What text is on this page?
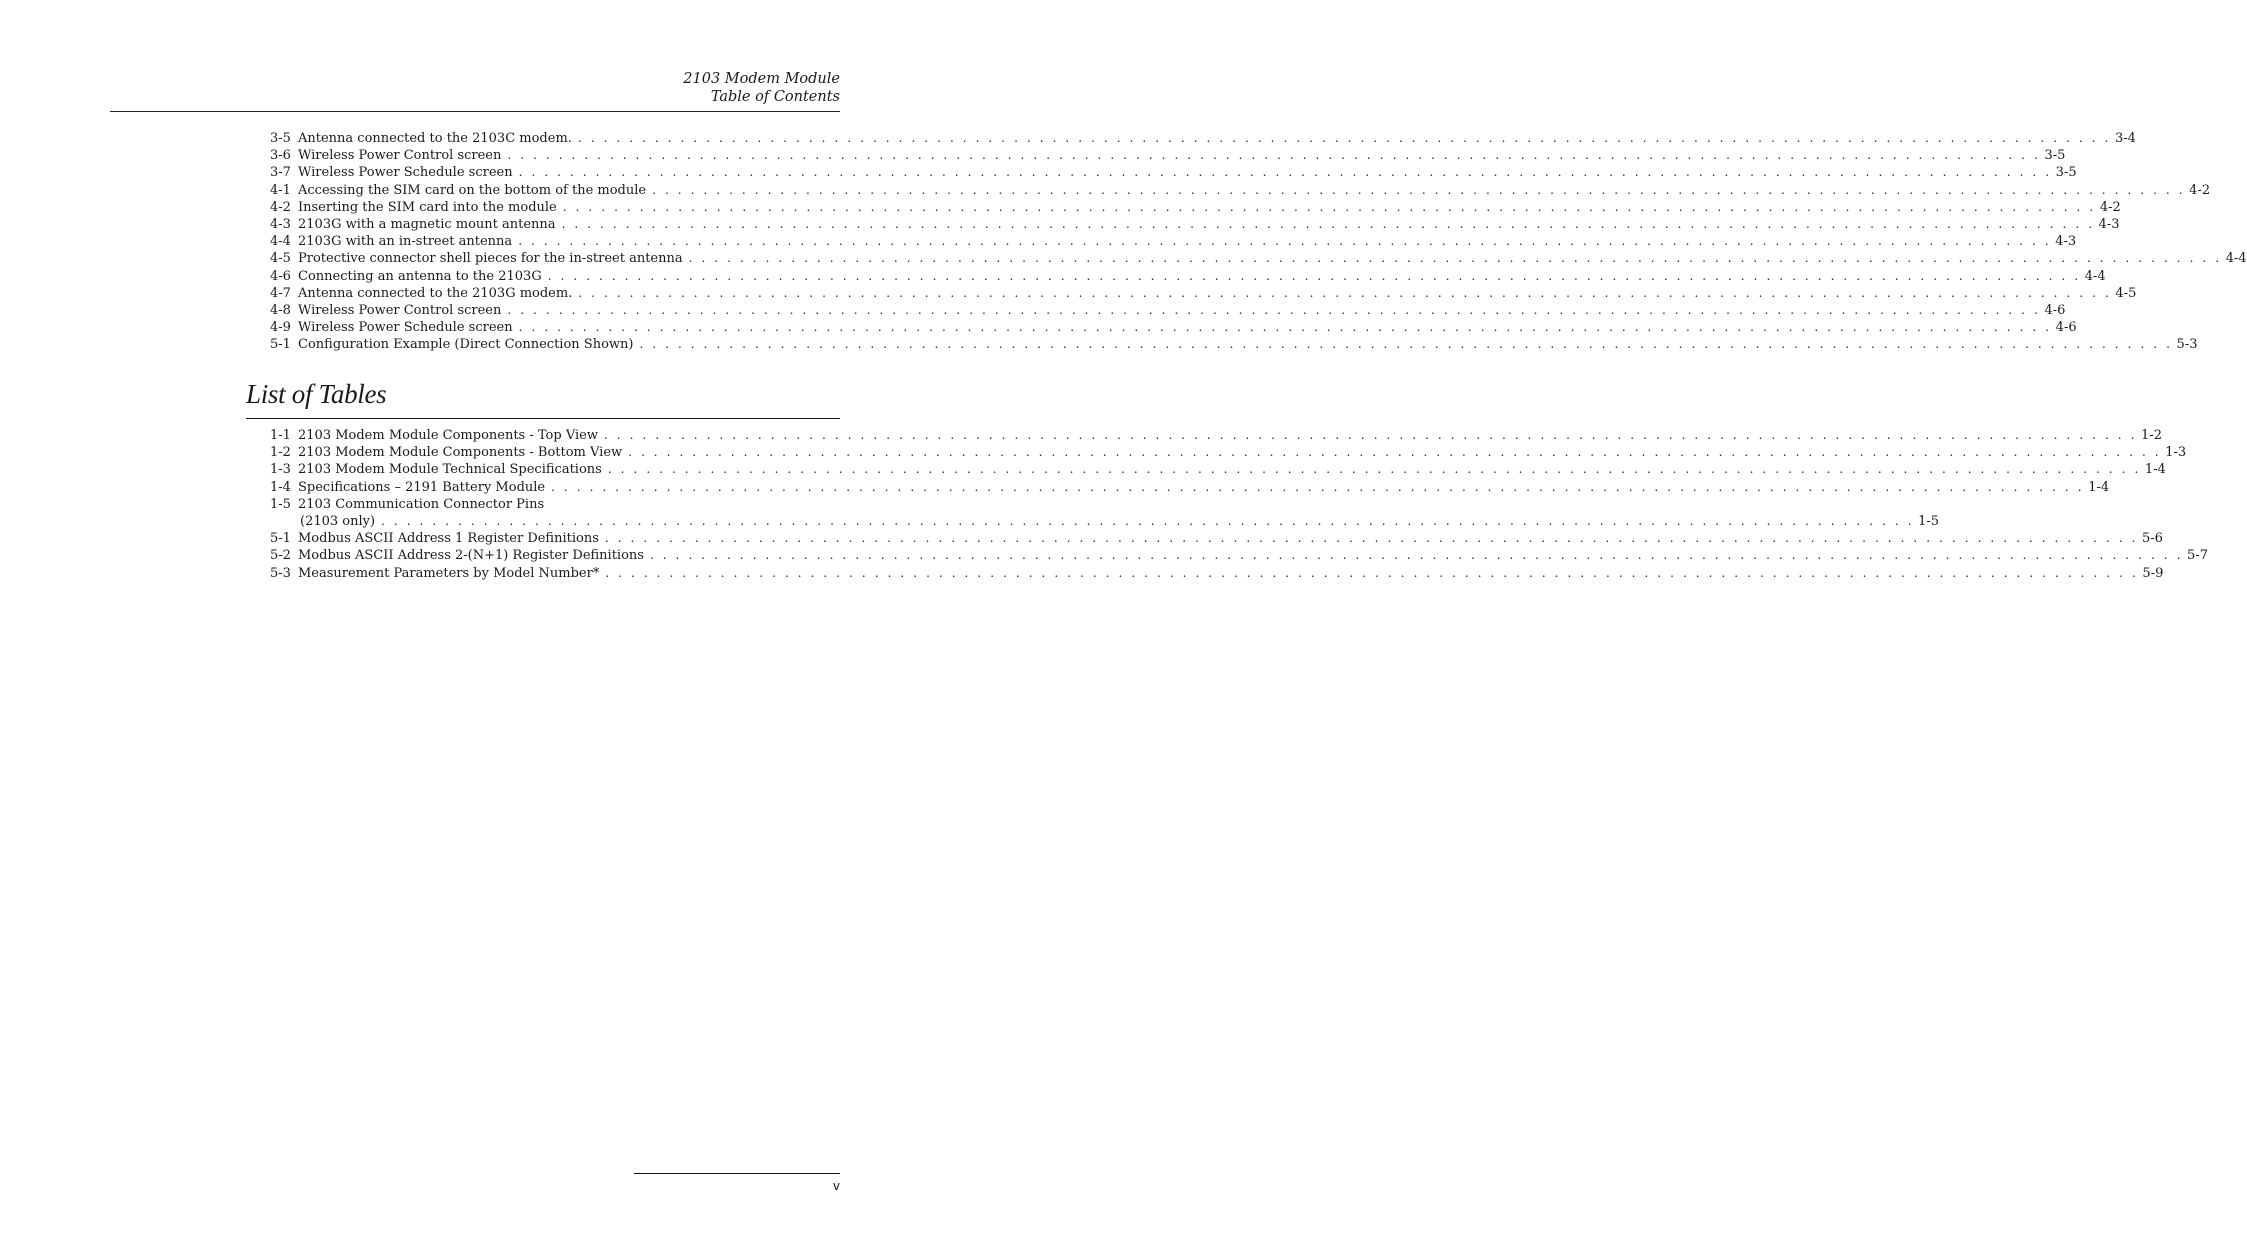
2103 Modem Module
Table of Contents
3-5 Antenna connected to the 2103C modem. . . . . . . . . . . . . . . . . . . . . . . . . . . . . . . . . . . . . . . . . . . . . . . . . . . . . . . . . . . . . . . . . . . . . . . . . . . . . . . . . . . . . . . . . . . . . . . . . . . . . . . . . . . . . . . . . . . . . . . . . 3-4
3-6 Wireless Power Control screen . . . . . . . . . . . . . . . . . . . . . . . . . . . . . . . . . . . . . . . . . . . . . . . . . . . . . . . . . . . . . . . . . . . . . . . . . . . . . . . . . . . . . . . . . . . . . . . . . . . . . . . . . . . . . . . . . . . . . . . . 3-5
3-7 Wireless Power Schedule screen . . . . . . . . . . . . . . . . . . . . . . . . . . . . . . . . . . . . . . . . . . . . . . . . . . . . . . . . . . . . . . . . . . . . . . . . . . . . . . . . . . . . . . . . . . . . . . . . . . . . . . . . . . . . . . . . . . . . . . . . 3-5
4-1 Accessing the SIM card on the bottom of the module . . . . . . . . . . . . . . . . . . . . . . . . . . . . . . . . . . . . . . . . . . . . . . . . . . . . . . . . . . . . . . . . . . . . . . . . . . . . . . . . . . . . . . . . . . . . . . . . . . . . . . . . . . . . . . . . . . . . . . . . 4-2
4-2 Inserting the SIM card into the module . . . . . . . . . . . . . . . . . . . . . . . . . . . . . . . . . . . . . . . . . . . . . . . . . . . . . . . . . . . . . . . . . . . . . . . . . . . . . . . . . . . . . . . . . . . . . . . . . . . . . . . . . . . . . . . . . . . . . . . . 4-2
4-3 2103G with a magnetic mount antenna . . . . . . . . . . . . . . . . . . . . . . . . . . . . . . . . . . . . . . . . . . . . . . . . . . . . . . . . . . . . . . . . . . . . . . . . . . . . . . . . . . . . . . . . . . . . . . . . . . . . . . . . . . . . . . . . . . . . . . . . 4-3
4-4 2103G with an in-street antenna . . . . . . . . . . . . . . . . . . . . . . . . . . . . . . . . . . . . . . . . . . . . . . . . . . . . . . . . . . . . . . . . . . . . . . . . . . . . . . . . . . . . . . . . . . . . . . . . . . . . . . . . . . . . . . . . . . . . . . . . 4-3
4-5 Protective connector shell pieces for the in-street antenna . . . . . . . . . . . . . . . . . . . . . . . . . . . . . . . . . . . . . . . . . . . . . . . . . . . . . . . . . . . . . . . . . . . . . . . . . . . . . . . . . . . . . . . . . . . . . . . . . . . . . . . . . . . . . . . . . . . . . . . . 4-4
4-6 Connecting an antenna to the 2103G . . . . . . . . . . . . . . . . . . . . . . . . . . . . . . . . . . . . . . . . . . . . . . . . . . . . . . . . . . . . . . . . . . . . . . . . . . . . . . . . . . . . . . . . . . . . . . . . . . . . . . . . . . . . . . . . . . . . . . . . 4-4
4-7 Antenna connected to the 2103G modem. . . . . . . . . . . . . . . . . . . . . . . . . . . . . . . . . . . . . . . . . . . . . . . . . . . . . . . . . . . . . . . . . . . . . . . . . . . . . . . . . . . . . . . . . . . . . . . . . . . . . . . . . . . . . . . . . . . . . . . . . 4-5
4-8 Wireless Power Control screen . . . . . . . . . . . . . . . . . . . . . . . . . . . . . . . . . . . . . . . . . . . . . . . . . . . . . . . . . . . . . . . . . . . . . . . . . . . . . . . . . . . . . . . . . . . . . . . . . . . . . . . . . . . . . . . . . . . . . . . . 4-6
4-9 Wireless Power Schedule screen . . . . . . . . . . . . . . . . . . . . . . . . . . . . . . . . . . . . . . . . . . . . . . . . . . . . . . . . . . . . . . . . . . . . . . . . . . . . . . . . . . . . . . . . . . . . . . . . . . . . . . . . . . . . . . . . . . . . . . . . 4-6
5-1 Configuration Example (Direct Connection Shown) . . . . . . . . . . . . . . . . . . . . . . . . . . . . . . . . . . . . . . . . . . . . . . . . . . . . . . . . . . . . . . . . . . . . . . . . . . . . . . . . . . . . . . . . . . . . . . . . . . . . . . . . . . . . . . . . . . . . . . . . 5-3
List of Tables
1-1 2103 Modem Module Components - Top View . . . . . . . . . . . . . . . . . . . . . . . . . . . . . . . . . . . . . . . . . . . . . . . . . . . . . . . . . . . . . . . . . . . . . . . . . . . . . . . . . . . . . . . . . . . . . . . . . . . . . . . . . . . . . . . . . . . . . . . . 1-2
1-2 2103 Modem Module Components - Bottom View . . . . . . . . . . . . . . . . . . . . . . . . . . . . . . . . . . . . . . . . . . . . . . . . . . . . . . . . . . . . . . . . . . . . . . . . . . . . . . . . . . . . . . . . . . . . . . . . . . . . . . . . . . . . . . . . . . . . . . . . 1-3
1-3 2103 Modem Module Technical Specifications . . . . . . . . . . . . . . . . . . . . . . . . . . . . . . . . . . . . . . . . . . . . . . . . . . . . . . . . . . . . . . . . . . . . . . . . . . . . . . . . . . . . . . . . . . . . . . . . . . . . . . . . . . . . . . . . . . . . . . . . 1-4
1-4 Specifications – 2191 Battery Module . . . . . . . . . . . . . . . . . . . . . . . . . . . . . . . . . . . . . . . . . . . . . . . . . . . . . . . . . . . . . . . . . . . . . . . . . . . . . . . . . . . . . . . . . . . . . . . . . . . . . . . . . . . . . . . . . . . . . . . . 1-4
1-5 2103 Communication Connector Pins
(2103 only) . . . . . . . . . . . . . . . . . . . . . . . . . . . . . . . . . . . . . . . . . . . . . . . . . . . . . . . . . . . . . . . . . . . . . . . . . . . . . . . . . . . . . . . . . . . . . . . . . . . . . . . . . . . . . . . . . . . . . . . . 1-5
5-1 Modbus ASCII Address 1 Register Definitions . . . . . . . . . . . . . . . . . . . . . . . . . . . . . . . . . . . . . . . . . . . . . . . . . . . . . . . . . . . . . . . . . . . . . . . . . . . . . . . . . . . . . . . . . . . . . . . . . . . . . . . . . . . . . . . . . . . . . . . . 5-6
5-2 Modbus ASCII Address 2-(N+1) Register Definitions . . . . . . . . . . . . . . . . . . . . . . . . . . . . . . . . . . . . . . . . . . . . . . . . . . . . . . . . . . . . . . . . . . . . . . . . . . . . . . . . . . . . . . . . . . . . . . . . . . . . . . . . . . . . . . . . . . . . . . . . 5-7
5-3 Measurement Parameters by Model Number* . . . . . . . . . . . . . . . . . . . . . . . . . . . . . . . . . . . . . . . . . . . . . . . . . . . . . . . . . . . . . . . . . . . . . . . . . . . . . . . . . . . . . . . . . . . . . . . . . . . . . . . . . . . . . . . . . . . . . . . . 5-9
v
